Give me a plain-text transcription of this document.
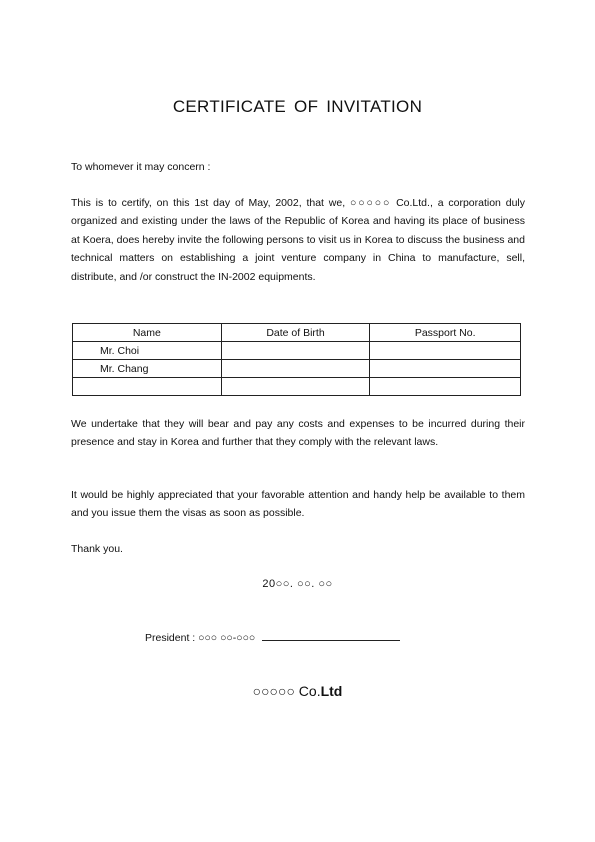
CERTIFICATE OF INVITATION
To whomever it may concern :
This is to certify, on this 1st day of May, 2002, that we, ○○○○○ Co.Ltd., a corporation duly organized and existing under the laws of the Republic of Korea and having its place of business at Koera, does hereby invite the following persons to visit us in Korea to discuss the business and technical matters on establishing a joint venture company in China to manufacture, sell, distribute, and /or construct the IN-2002 equipments.
Name	Date of Birth	Passport No.
Mr. Choi		
Mr. Chang		

We undertake that they will bear and pay any costs and expenses to be incurred during their presence and stay in Korea and further that they comply with the relevant laws.
It would be highly appreciated that your favorable attention and handy help be available to them and you issue them the visas as soon as possible.
Thank you.
20○○. ○○. ○○
President : ○○○ ○○-○○○
○○○○○ Co.Ltd
